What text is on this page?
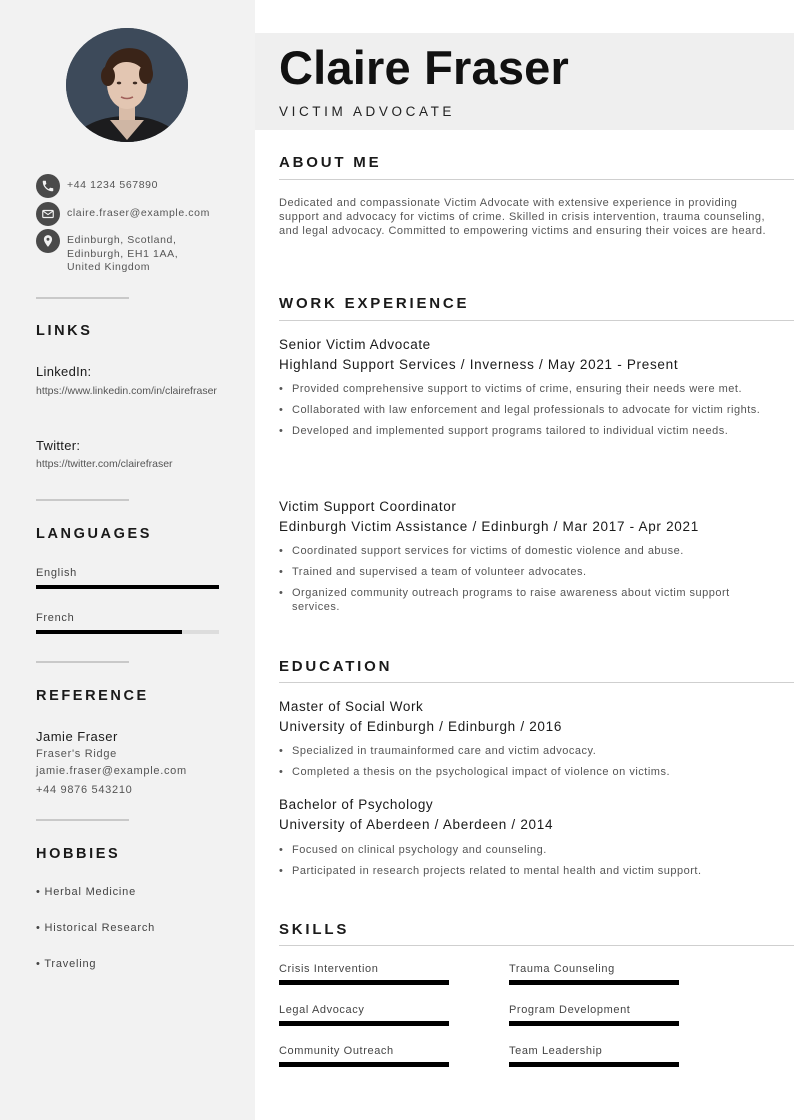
+44 1234 567890
claire.fraser@example.com
Edinburgh, Scotland,
Edinburgh, EH1 1AA,
United Kingdom
LINKS
LinkedIn:
https://www.linkedin.com/in/clairefraser
Twitter:
https://twitter.com/clairefraser
LANGUAGES
English
French
REFERENCE
Jamie Fraser
Fraser's Ridge
jamie.fraser@example.com
+44 9876 543210
HOBBIES
• Herbal Medicine
• Historical Research
• Traveling
Claire Fraser
VICTIM ADVOCATE
ABOUT ME

Dedicated and compassionate Victim Advocate with extensive experience in providing support and advocacy for victims of crime. Skilled in crisis intervention, trauma counseling, and legal advocacy. Committed to empowering victims and ensuring their voices are heard.

WORK EXPERIENCE
Senior Victim Advocate
Highland Support Services / Inverness / May 2021 - Present
• Provided comprehensive support to victims of crime, ensuring their needs were met.
• Collaborated with law enforcement and legal professionals to advocate for victim rights.
• Developed and implemented support programs tailored to individual victim needs.
Victim Support Coordinator
Edinburgh Victim Assistance / Edinburgh / Mar 2017 - Apr 2021
• Coordinated support services for victims of domestic violence and abuse.
• Trained and supervised a team of volunteer advocates.
• Organized community outreach programs to raise awareness about victim support services.
EDUCATION
Master of Social Work
University of Edinburgh / Edinburgh / 2016
• Specialized in traumainformed care and victim advocacy.
• Completed a thesis on the psychological impact of violence on victims.
Bachelor of Psychology
University of Aberdeen / Aberdeen / 2014
• Focused on clinical psychology and counseling.
• Participated in research projects related to mental health and victim support.
SKILLS
Crisis Intervention	Trauma Counseling
Legal Advocacy	Program Development
Community Outreach	Team Leadership
